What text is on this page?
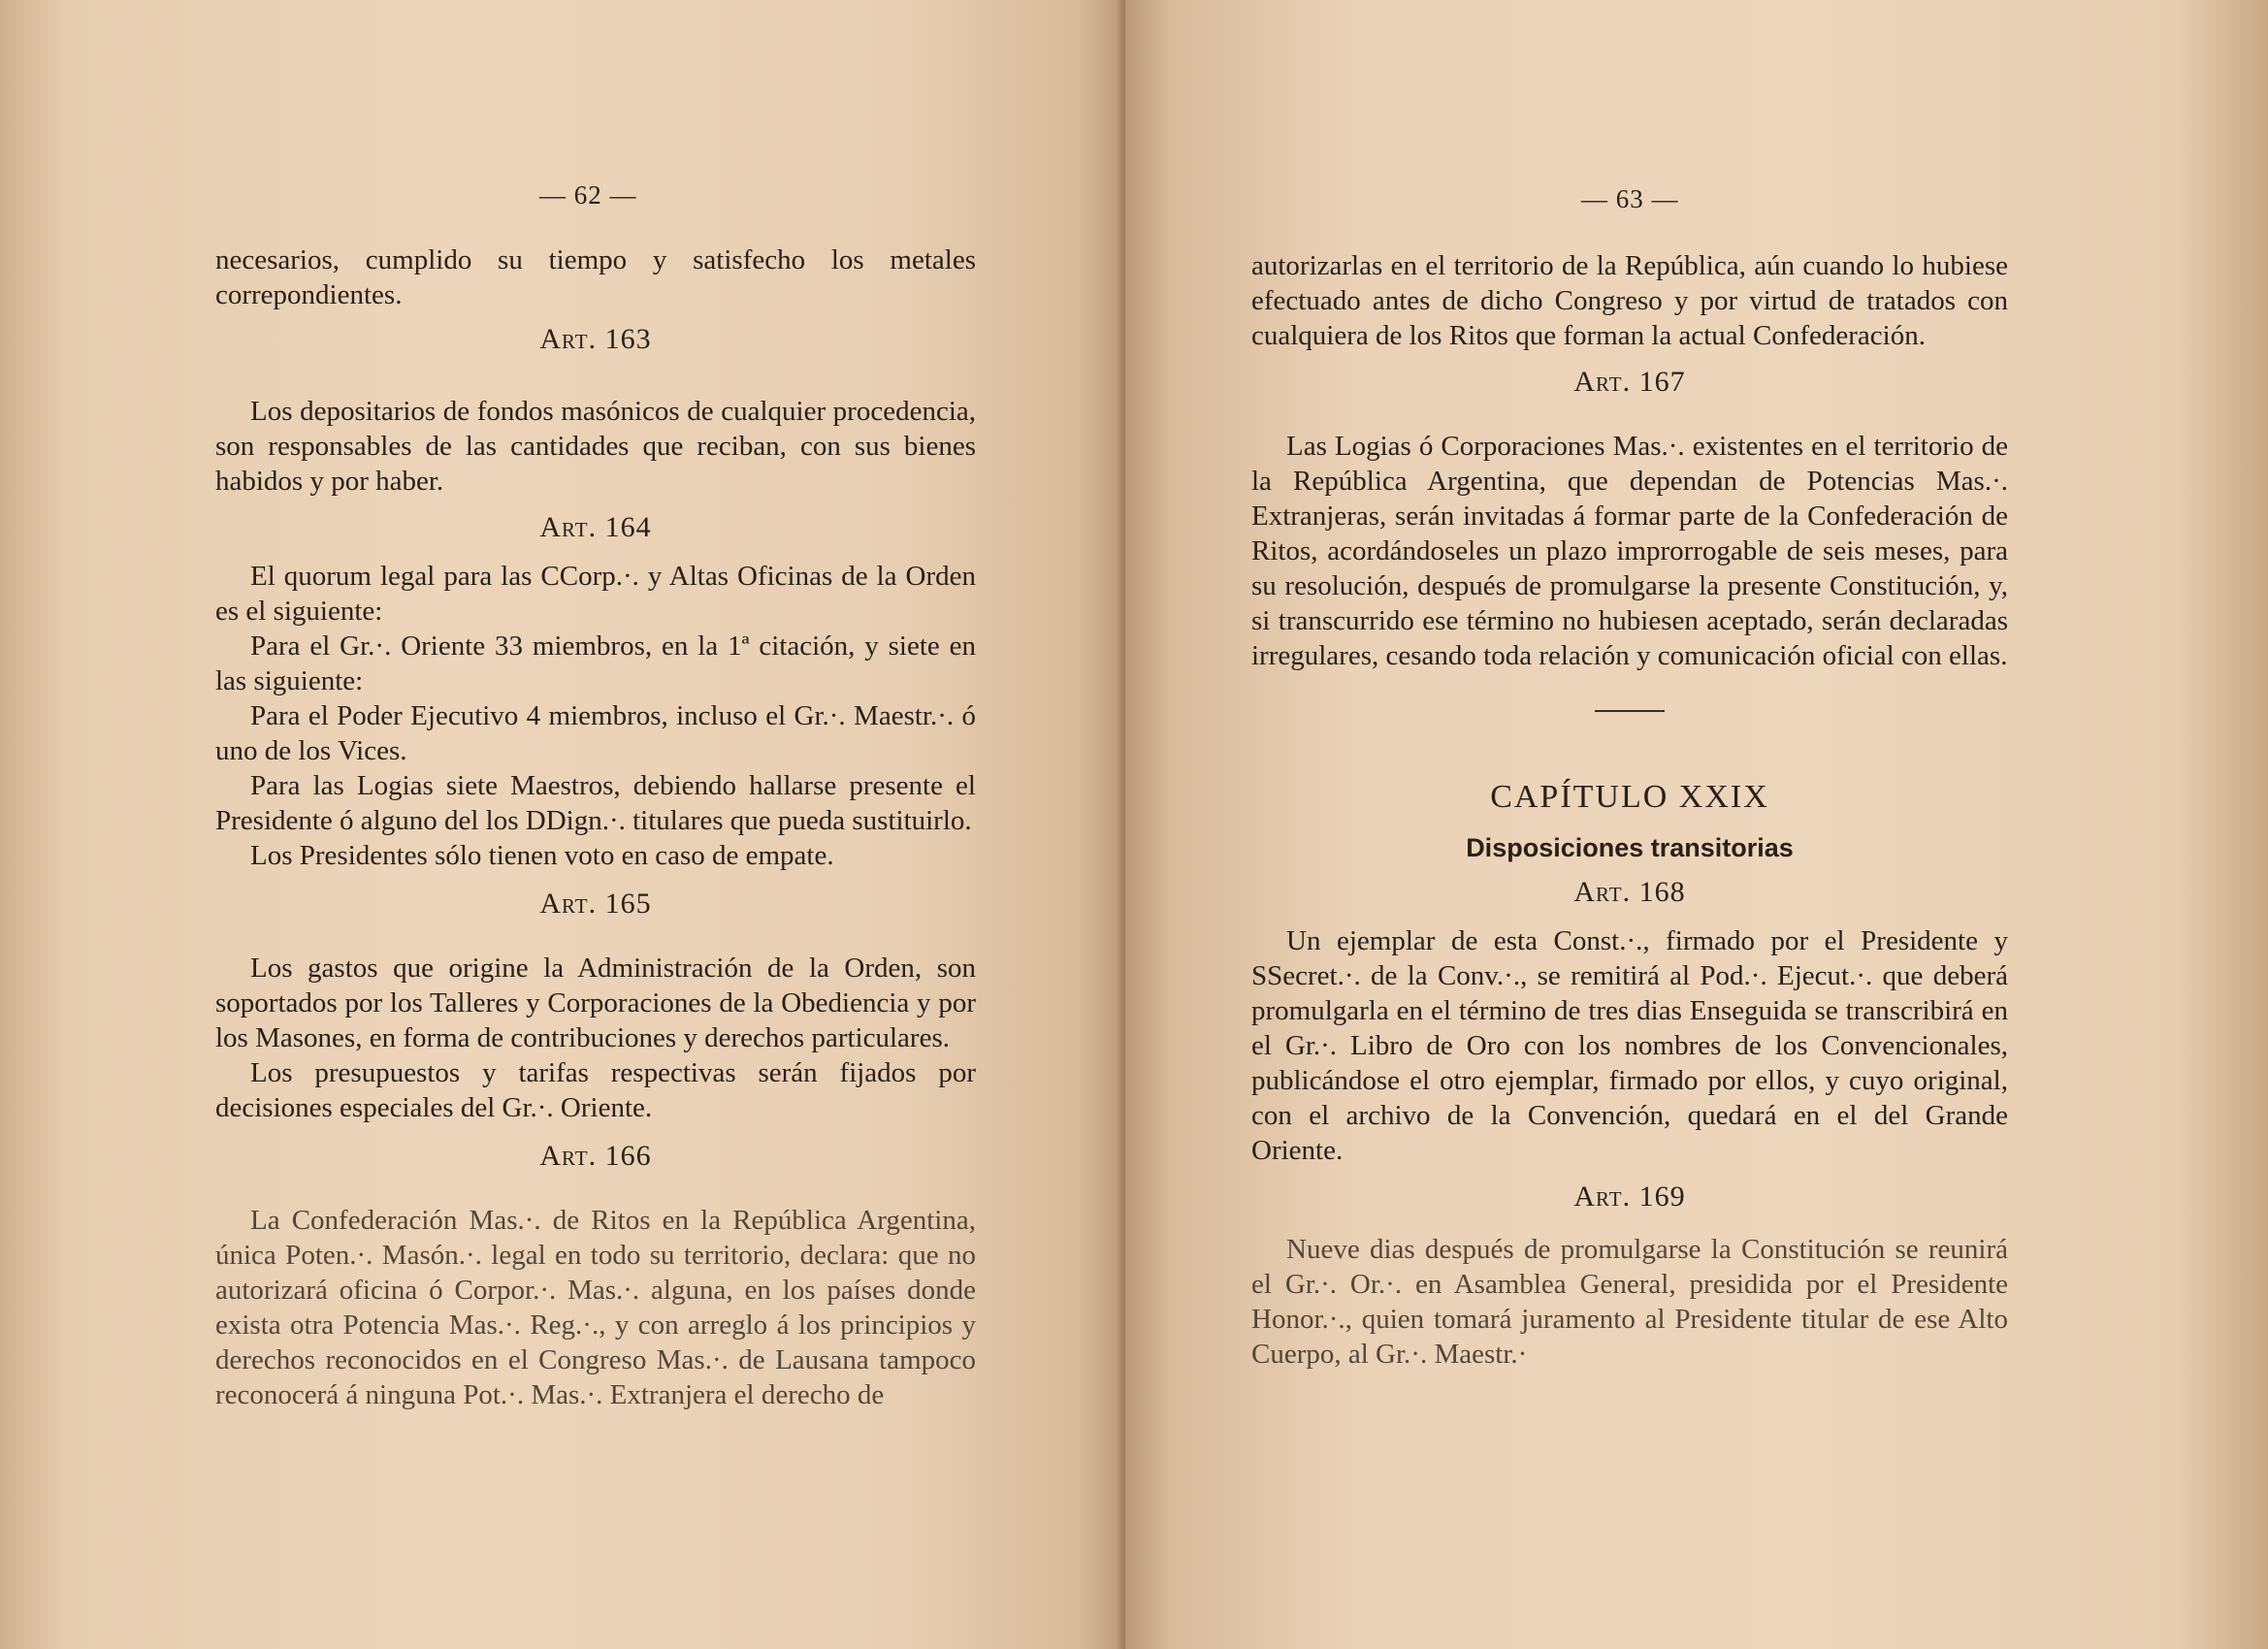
— 62 —

necesarios, cumplido su tiempo y satisfecho los metales

correpondientes.

Art. 163

Los depositarios de fondos masónicos de cualquier procedencia, son responsables de las cantidades que reciban, con sus bienes habidos y por haber.

Art. 164

El quorum legal para las CCorp.·. y Altas Oficinas de la Orden es el siguiente:

Para el Gr.·. Oriente 33 miembros, en la 1ª citación, y siete en las siguiente:

Para el Poder Ejecutivo 4 miembros, incluso el Gr.·. Maestr.·. ó uno de los Vices.

Para las Logias siete Maestros, debiendo hallarse presente el Presidente ó alguno del los DDign.·. titulares que pueda sustituirlo.

Los Presidentes sólo tienen voto en caso de empate.

Art. 165

Los gastos que origine la Administración de la Orden, son soportados por los Talleres y Corporaciones de la Obediencia y por los Masones, en forma de contribuciones y derechos particulares.

Los presupuestos y tarifas respectivas serán fijados por decisiones especiales del Gr.·. Oriente.

Art. 166

La Confederación Mas.·. de Ritos en la República Argentina, única Poten.·. Masón.·. legal en todo su territorio, declara: que no autorizará oficina ó Corpor.·. Mas.·. alguna, en los países donde exista otra Potencia Mas.·. Reg.·., y con arreglo á los principios y derechos reconocidos en el Congreso Mas.·. de Lausana tampoco reconocerá á ninguna Pot.·. Mas.·. Extranjera el derecho de

— 63 —

autorizarlas en el territorio de la República, aún cuando lo hubiese efectuado antes de dicho Congreso y por virtud de tratados con cualquiera de los Ritos que forman la actual Confederación.

Art. 167

Las Logias ó Corporaciones Mas.·. existentes en el territorio de la República Argentina, que dependan de Potencias Mas.·. Extranjeras, serán invitadas á formar parte de la Confederación de Ritos, acordándoseles un plazo improrrogable de seis meses, para su resolución, después de promulgarse la presente Constitución, y, si transcurrido ese término no hubiesen aceptado, serán declaradas irregulares, cesando toda relación y comunicación oficial con ellas.

CAPÍTULO XXIX
Disposiciones transitorias
Art. 168

Un ejemplar de esta Const.·., firmado por el Presidente y SSecret.·. de la Conv.·., se remitirá al Pod.·. Ejecut.·. que deberá promulgarla en el término de tres dias Enseguida se transcribirá en el Gr.·. Libro de Oro con los nombres de los Convencionales, publicándose el otro ejemplar, firmado por ellos, y cuyo original, con el archivo de la Convención, quedará en el del Grande Oriente.

Art. 169

Nueve dias después de promulgarse la Constitución se reunirá el Gr.·. Or.·. en Asamblea General, presidida por el Presidente Honor.·., quien tomará juramento al Presidente titular de ese Alto Cuerpo, al Gr.·. Maestr.·
